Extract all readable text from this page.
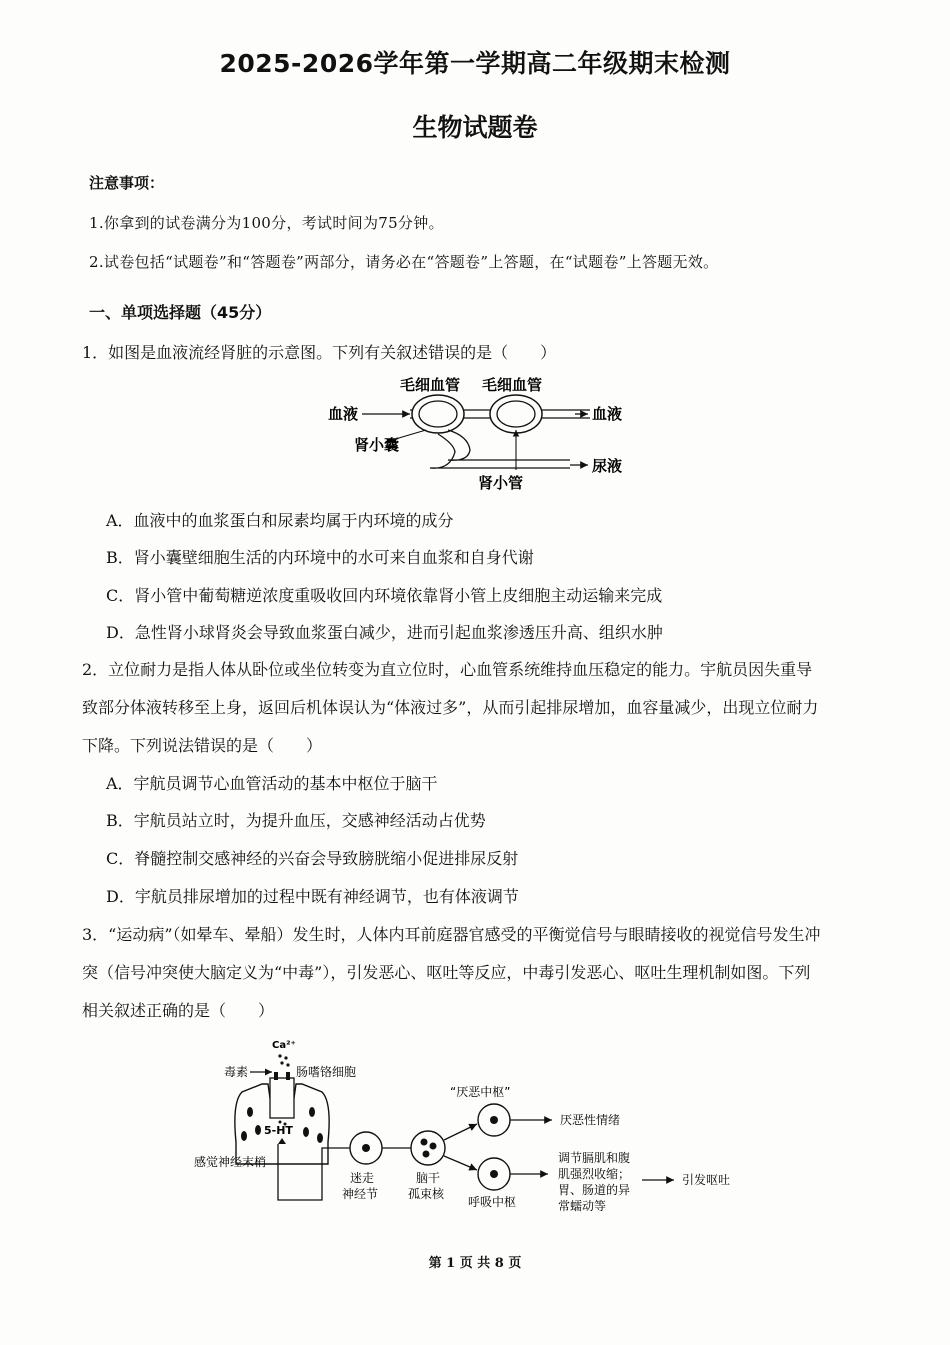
2025-2026学年第一学期高二年级期末检测
生物试题卷
注意事项：
1.你拿到的试卷满分为100分，考试时间为75分钟。
2.试卷包括“试题卷”和“答题卷”两部分，请务必在“答题卷”上答题，在“试题卷”上答题无效。
一、单项选择题（45分）
1．如图是血液流经肾脏的示意图。下列有关叙述错误的是（　　）
毛细血管 毛细血管
血液	血液
尿液
肾小囊
肾小管
A．血液中的血浆蛋白和尿素均属于内环境的成分
B．肾小囊壁细胞生活的内环境中的水可来自血浆和自身代谢
C．肾小管中葡萄糖逆浓度重吸收回内环境依靠肾小管上皮细胞主动运输来完成
D．急性肾小球肾炎会导致血浆蛋白减少，进而引起血浆渗透压升高、组织水肿
2．立位耐力是指人体从卧位或坐位转变为直立位时，心血管系统维持血压稳定的能力。宇航员因失重导
致部分体液转移至上身，返回后机体误认为“体液过多”，从而引起排尿增加，血容量减少，出现立位耐力
下降。下列说法错误的是（　　）
A．宇航员调节心血管活动的基本中枢位于脑干
B．宇航员站立时，为提升血压，交感神经活动占优势
C．脊髓控制交感神经的兴奋会导致膀胱缩小促进排尿反射
D．宇航员排尿增加的过程中既有神经调节，也有体液调节
3．“运动病”（如晕车、晕船）发生时，人体内耳前庭器官感受的平衡觉信号与眼睛接收的视觉信号发生冲
突（信号冲突使大脑定义为“中毒”），引发恶心、呕吐等反应，中毒引发恶心、呕吐生理机制如图。下列
相关叙述正确的是（　　）
Ca²⁺
毒素	肠嗜铬细胞
5-HT
感觉神经末梢
迷走
神经节
脑干
孤束核
“厌恶中枢”
厌恶性情绪
呼吸中枢
调节膈肌和腹
肌强烈收缩；
胃、肠道的异
常蠕动等
引发呕吐
第 1 页 共 8 页
